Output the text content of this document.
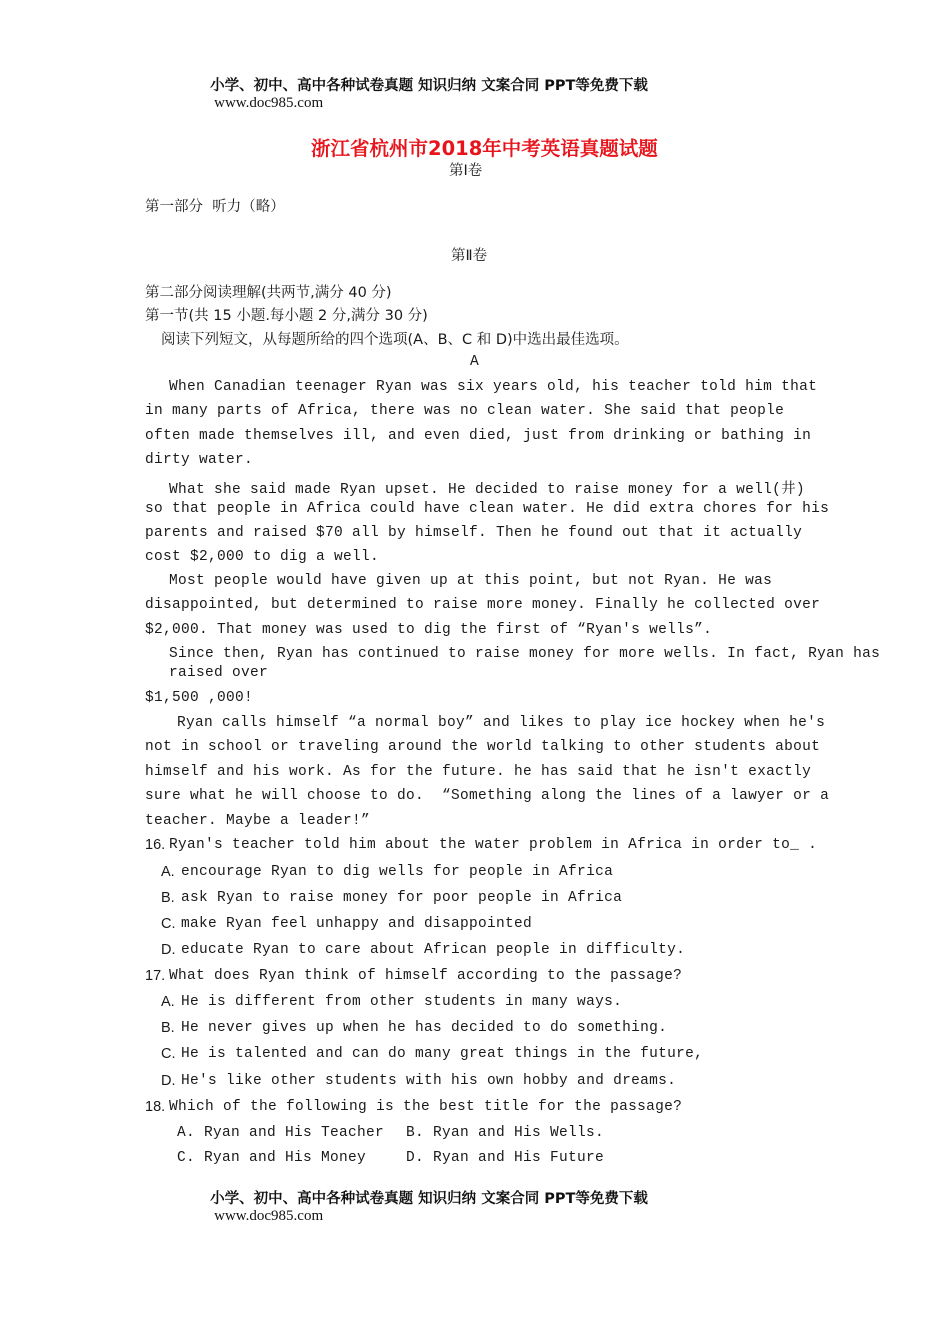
小学、初中、高中各种试卷真题 知识归纳 文案合同 PPT等免费下载
www.doc985.com

浙江省杭州市2018年中考英语真题试题
第Ⅰ卷
第一部分  听力（略）
第Ⅱ卷
第二部分阅读理解(共两节,满分 40 分)
第一节(共 15 小题.每小题 2 分,满分 30 分)
阅读下列短文，从每题所给的四个选项(A、B、C 和 D)中选出最佳选项。
A
When Canadian teenager Ryan was six years old, his teacher told him that
in many parts of Africa, there was no clean water. She said that people
often made themselves ill, and even died, just from drinking or bathing in
dirty water.
What she said made Ryan upset. He decided to raise money for a well(井)
so that people in Africa could have clean water. He did extra chores for his
parents and raised $70 all by himself. Then he found out that it actually
cost $2,000 to dig a well.
Most people would have given up at this point, but not Ryan. He was
disappointed, but determined to raise more money. Finally he collected over
$2,000. That money was used to dig the first of “Ryan's wells”.
Since then, Ryan has continued to raise money for more wells. In fact, Ryan has
raised over
$1,500 ,000!
Ryan calls himself “a normal boy” and likes to play ice hockey when he's
not in school or traveling around the world talking to other students about
himself and his work. As for the future. he has said that he isn't exactly
sure what he will choose to do.  “Something along the lines of a lawyer or a
teacher. Maybe a leader!”
16. Ryan's teacher told him about the water problem in Africa in order to_ .
A. encourage Ryan to dig wells for people in Africa
B. ask Ryan to raise money for poor people in Africa
C. make Ryan feel unhappy and disappointed
D. educate Ryan to care about African people in difficulty.
17. What does Ryan think of himself according to the passage?
A. He is different from other students in many ways.
B. He never gives up when he has decided to do something.
C. He is talented and can do many great things in the future,
D. He's like other students with his own hobby and dreams.
18. Which of the following is the best title for the passage?
A. Ryan and His Teacher B. Ryan and His Wells.
C. Ryan and His Money	D. Ryan and His Future

小学、初中、高中各种试卷真题 知识归纳 文案合同 PPT等免费下载
www.doc985.com
